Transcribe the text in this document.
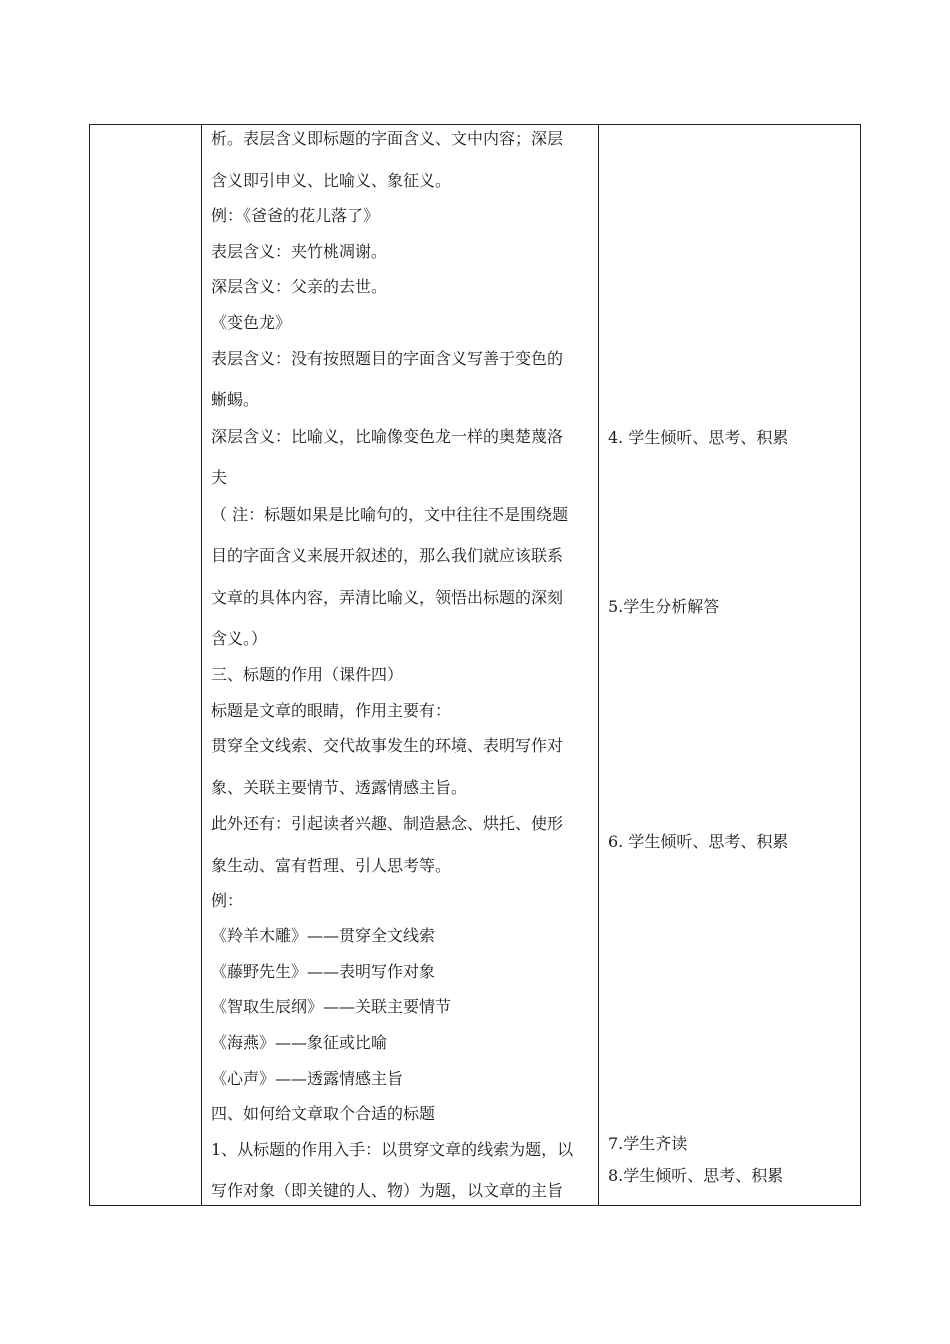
析。表层含义即标题的字面含义、文中内容；深层
含义即引申义、比喻义、象征义。
例：《爸爸的花儿落了》
表层含义：夹竹桃凋谢。
深层含义：父亲的去世。
《变色龙》
表层含义：没有按照题目的字面含义写善于变色的
蜥蜴。
深层含义：比喻义，比喻像变色龙一样的奥楚蔑洛
夫
（ 注：标题如果是比喻句的，文中往往不是围绕题
目的字面含义来展开叙述的，那么我们就应该联系
文章的具体内容，弄清比喻义，领悟出标题的深刻
含义。）
三、标题的作用（课件四）
标题是文章的眼睛，作用主要有：
贯穿全文线索、交代故事发生的环境、表明写作对
象、关联主要情节、透露情感主旨。
此外还有：引起读者兴趣、制造悬念、烘托、使形
象生动、富有哲理、引人思考等。
例：
《羚羊木雕》——贯穿全文线索
《藤野先生》——表明写作对象
《智取生辰纲》——关联主要情节
《海燕》——象征或比喻
《心声》——透露情感主旨
四、如何给文章取个合适的标题
1、从标题的作用入手：以贯穿文章的线索为题，以
写作对象（即关键的人、物）为题，以文章的主旨
4. 学生倾听、思考、积累
5.学生分析解答
6. 学生倾听、思考、积累
7.学生齐读
8.学生倾听、思考、积累
